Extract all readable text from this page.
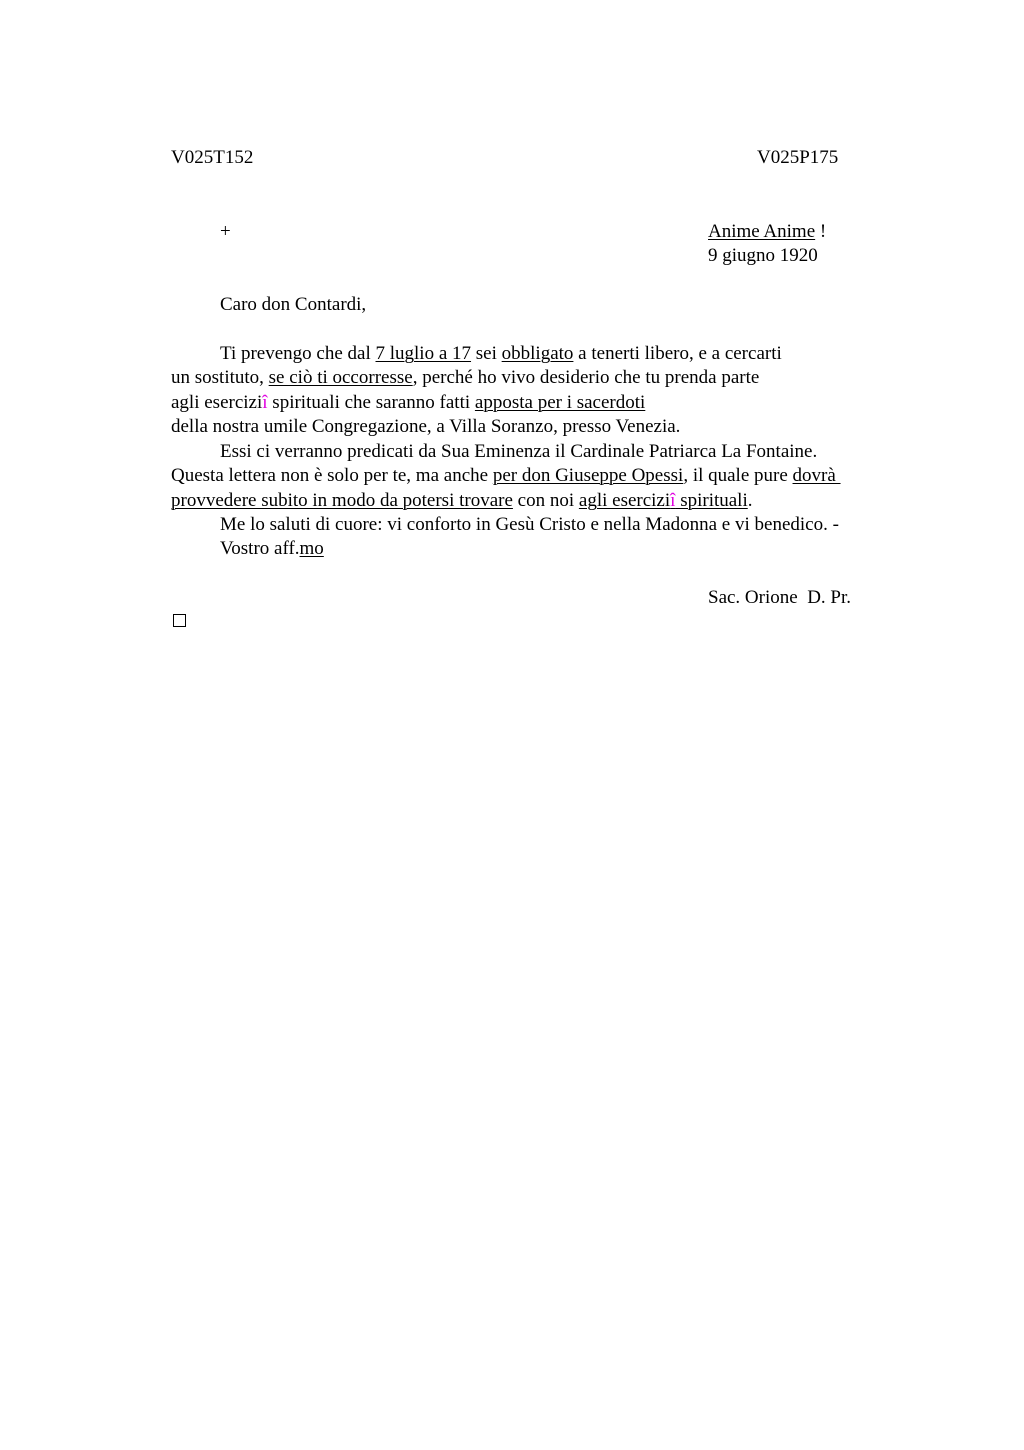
V025T152	V025P175
+	Anime Anime !
9 giugno 1920
Caro don Contardi,
Ti prevengo che dal 7 luglio a 17 sei obbligato a tenerti libero, e a cercarti
un sostituto, se ciò ti occorresse, perché ho vivo desiderio che tu prenda parte
agli eserciziî spirituali che saranno fatti apposta per i sacerdoti
della nostra umile Congregazione, a Villa Soranzo, presso Venezia.
Essi ci verranno predicati da Sua Eminenza il Cardinale Patriarca La Fontaine.
Questa lettera non è solo per te, ma anche per don Giuseppe Opessi, il quale pure dovrà
provvedere subito in modo da potersi trovare con noi agli eserciziî spirituali.
Me lo saluti di cuore: vi conforto in Gesù Cristo e nella Madonna e vi benedico. -
Vostro aff.mo
Sac. Orione  D. Pr.
